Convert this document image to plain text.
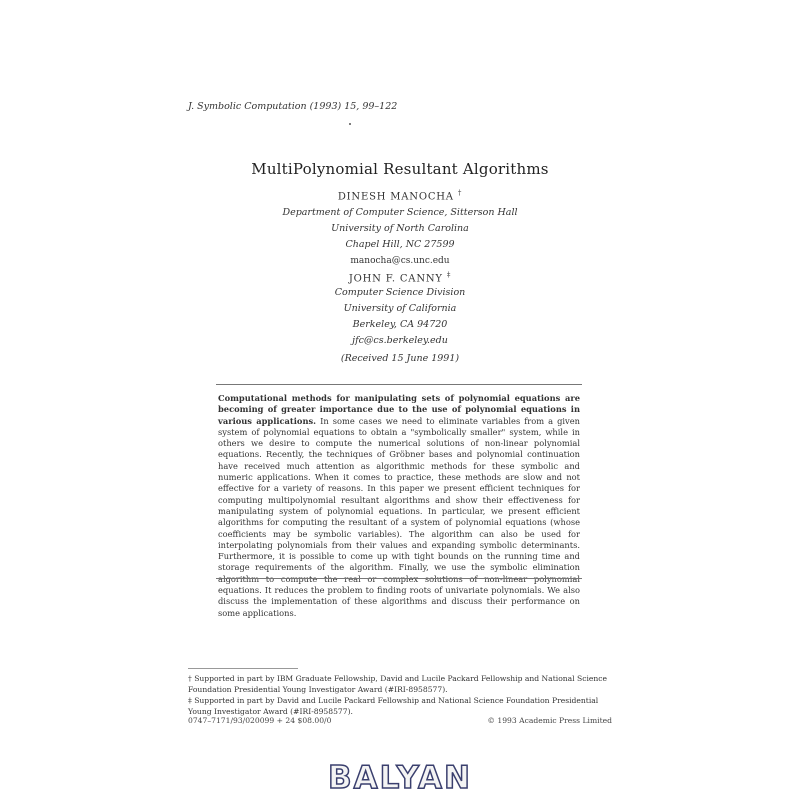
J. Symbolic Computation (1993) 15, 99–122
MultiPolynomial Resultant Algorithms
DINESH MANOCHA †
Department of Computer Science, Sitterson Hall
University of North Carolina
Chapel Hill, NC 27599
manocha@cs.unc.edu
JOHN F. CANNY ‡
Computer Science Division
University of California
Berkeley, CA 94720
jfc@cs.berkeley.edu
(Received 15 June 1991)
Computational methods for manipulating sets of polynomial equations are becoming of greater importance due to the use of polynomial equations in various applications. In some cases we need to eliminate variables from a given system of polynomial equations to obtain a "symbolically smaller" system, while in others we desire to compute the numerical solutions of non-linear polynomial equations. Recently, the techniques of Gröbner bases and polynomial continuation have received much attention as algorithmic methods for these symbolic and numeric applications. When it comes to practice, these methods are slow and not effective for a variety of reasons. In this paper we present efficient techniques for computing multipolynomial resultant algorithms and show their effectiveness for manipulating system of polynomial equations. In particular, we present efficient algorithms for computing the resultant of a system of polynomial equations (whose coefficients may be symbolic variables). The algorithm can also be used for interpolating polynomials from their values and expanding symbolic determinants. Furthermore, it is possible to come up with tight bounds on the running time and storage requirements of the algorithm. Finally, we use the symbolic elimination equations. It reduces the problem to finding roots of univariate polynomials. We also discuss the implementation of these algorithms and discuss their performance on some applications.
† Supported in part by IBM Graduate Fellowship, David and Lucile Packard Fellowship and National Science Foundation Presidential Young Investigator Award (#IRI-8958577).
‡ Supported in part by David and Lucile Packard Fellowship and National Science Foundation Presidential Young Investigator Award (#IRI-8958577).
0747–7171/93/020099 + 24 $08.00/0	© 1993 Academic Press Limited
BALYAN
